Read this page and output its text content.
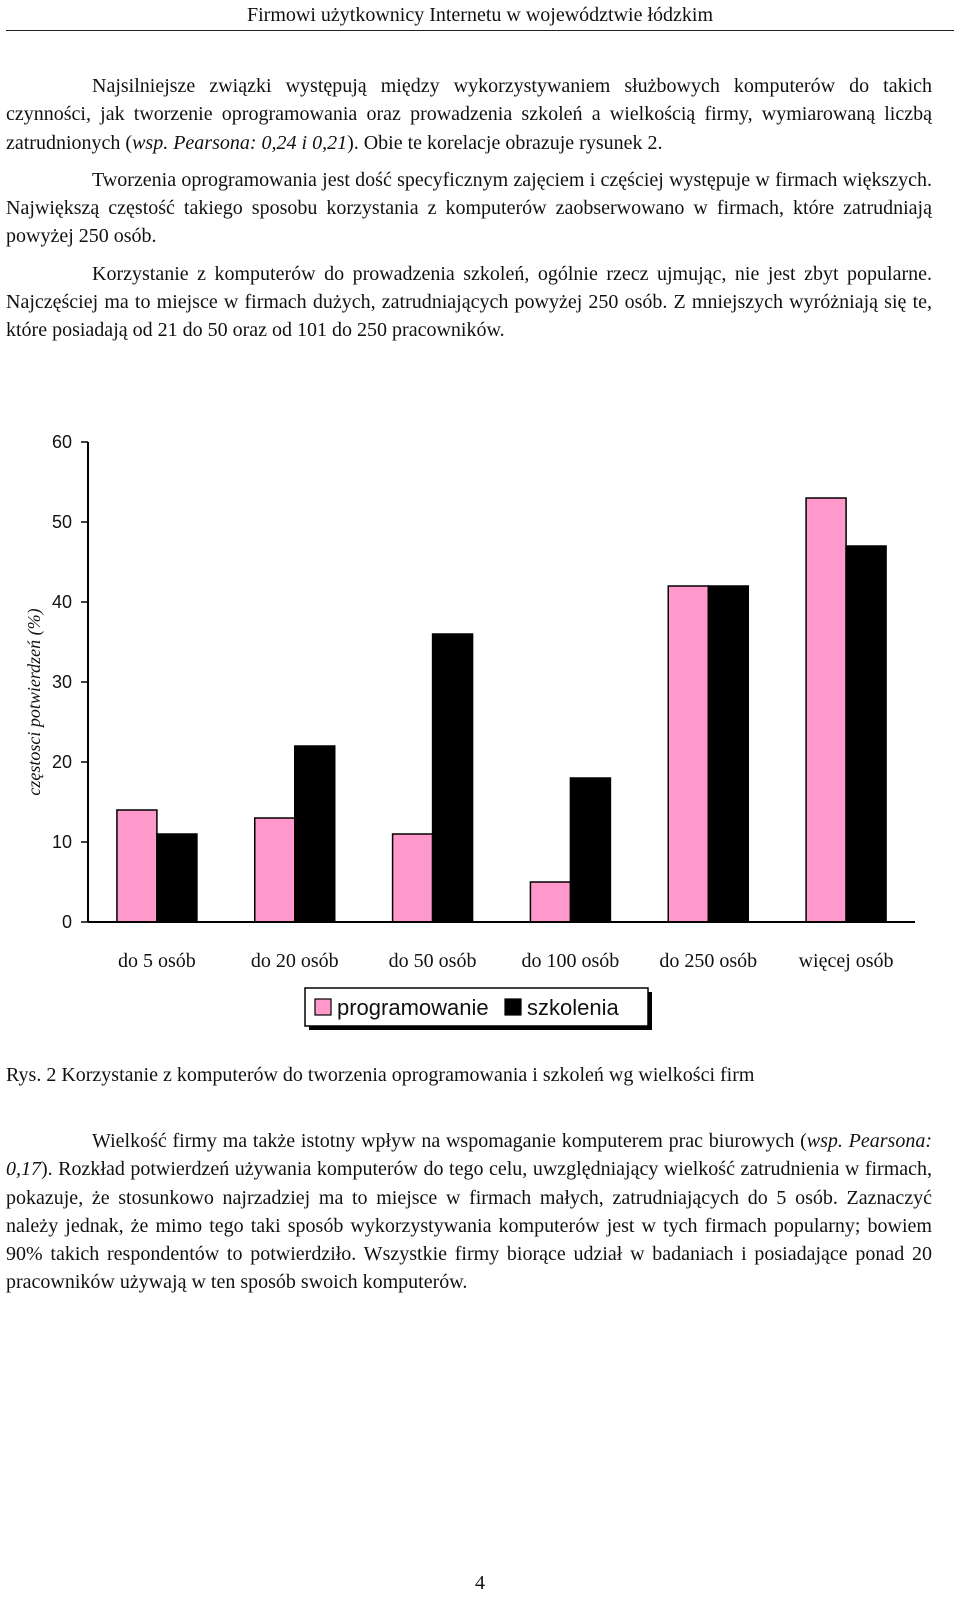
Firmowi użytkownicy Internetu w województwie łódzkim

Najsilniejsze związki występują między wykorzystywaniem służbowych komputerów do takich czynności, jak tworzenie oprogramowania oraz prowadzenia szkoleń a wielkością firmy, wymiarowaną liczbą zatrudnionych (wsp. Pearsona: 0,24 i 0,21). Obie te korelacje obrazuje rysunek 2.

Tworzenia oprogramowania jest dość specyficznym zajęciem i częściej występuje w firmach większych. Największą częstość takiego sposobu korzystania z komputerów zaobserwowano w firmach, które zatrudniają powyżej 250 osób.

Korzystanie z komputerów do prowadzenia szkoleń, ogólnie rzecz ujmując, nie jest zbyt popularne. Najczęściej ma to miejsce w firmach dużych, zatrudniających powyżej 250 osób. Z mniejszych wyróżniają się te, które posiadają od 21 do 50 oraz od 101 do 250 pracowników.

częstosci potwierdzeń (%)
0
10
20
30
40
50
60
do 5 osób	do 20 osób	do 50 osób do 100 osób do 250 osób więcej osób
programowanie szkolenia
Rys. 2 Korzystanie z komputerów do tworzenia oprogramowania i szkoleń wg wielkości firm

Wielkość firmy ma także istotny wpływ na wspomaganie komputerem prac biurowych (wsp. Pearsona: 0,17). Rozkład potwierdzeń używania komputerów do tego celu, uwzględniający wielkość zatrudnienia w firmach, pokazuje, że stosunkowo najrzadziej ma to miejsce w firmach małych, zatrudniających do 5 osób. Zaznaczyć należy jednak, że mimo tego taki sposób wykorzystywania komputerów jest w tych firmach popularny; bowiem 90% takich respondentów to potwierdziło. Wszystkie firmy biorące udział w badaniach i posiadające ponad 20 pracowników używają w ten sposób swoich komputerów.

4
